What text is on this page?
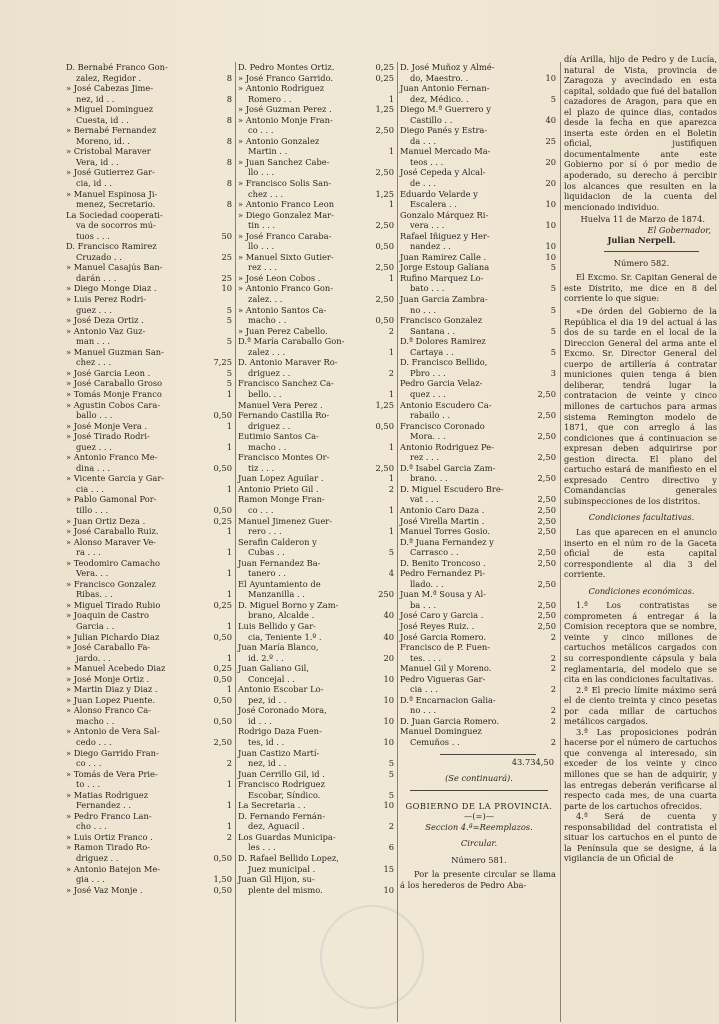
D. Bernabé Franco Gon-
zalez, Regidor .	8
» José Cabezas Jime-
nez, id . .	8
» Miguel Dominguez
Cuesta, id . .	8
» Bernabé Fernandez
Moreno, id. .	8
» Cristobal Maraver
Vera, id . .	8
» José Gutierrez Gar-
cia, id . .	8
» Manuel Espinosa Ji-
menez, Secretario.	8
La Sociedad cooperati-
va de socorros mú-
tuos . . .	50
D. Francisco Ramirez
Cruzado . .	25
» Manuel Casajús Ban-
darán . . .	25
» Diego Monge Diaz .	10
» Luis Perez Rodri-
guez . . .	5
» José Deza Ortiz .	5
» Antonio Vaz Guz-
man . . .	5
» Manuel Guzman San-
chez . . .	7,25
» José Garcia Leon .	5
» José Caraballo Groso	5
» Tomás Monje Franco	1
» Agustin Cobos Cara-
ballo . . .	0,50
» José Monje Vera .	1
» José Tirado Rodri-
guez . . .	1
» Antonio Franco Me-
dina . . .	0,50
» Vicente Garcia y Gar-
cia . . .	1
» Pablo Gamonal Por-
tillo . . .	0,50
» Juan Ortiz Deza .	0,25
» José Caraballo Ruiz.	1
» Alonso Maraver Ve-
ra . . .	1
» Teodomiro Camacho
Vera. . .	1
» Francisco Gonzalez
Ribas. . .	1
» Miguel Tirado Rubio	0,25
» Joaquin de Castro
Garcia . .	1
» Julian Pichardo Diaz	0,50
» José Caraballo Fa-
jardo. . .	1
» Manuel Acebedo Diaz	0,25
» José Monje Ortiz .	0,50
» Martin Diaz y Diaz .	1
» Juan Lopez Puente.	0,50
» Alonso Franco Ca-
macho . .	0,50
» Antonio de Vera Sal-
cedo . . .	2,50
» Diego Garrido Fran-
co . . .	2
» Tomás de Vera Prie-
to . . .	1
» Matias Rodriguez
Fernandez . .	1
» Pedro Franco Lan-
cho . . .	1
» Luis Ortiz Franco .	2
» Ramon Tirado Ro-
driguez . .	0,50
» Antonio Batejon Me-
gia . . .	1,50
» José Vaz Monje .	0,50
D. Pedro Montes Ortiz.	0,25
» José Franco Garrido.	0,25
» Antonio Rodriguez
Romero . .	1
» José Guzman Perez .	1,25
» Antonio Monje Fran-
co . . .	2,50
» Antonio Gonzalez
Martin . .	1
» Juan Sanchez Cabe-
llo . . .	2,50
» Francisco Solis San-
chez . . .	1,25
» Antonio Franco Leon	1
» Diego Gonzalez Mar-
tin . . .	2,50
» José Franco Caraba-
llo . . .	0,50
» Manuel Sixto Gutier-
rez . . .	2,50
» José Leon Cobos .	1
» Antonio Franco Gon-
zalez. . .	2,50
» Antonio Santos Ca-
macho . .	0,50
» Juan Perez Cabello.	2
D.ª María Caraballo Gon-
zalez . . .	1
D. Antonio Maraver Ro-
driguez . .	2
Francisco Sanchez Ca-
bello. . .	1
Manuel Vera Perez .	1,25
Fernando Castilla Ro-
driguez . .	0,50
Eutimio Santos Ca-
macho . .	1
Francisco Montes Or-
tiz . . .	2,50
Juan Lopez Aguilar .	1
Antonio Prieto Gil .	2
Ramon Monge Fran-
co . . .	1
Manuel Jimenez Guer-
rero . . .	1
Serafin Calderon y
Cubas . .	5
Juan Fernandez Ba-
tanero . .	4
El Ayuntamiento de
Manzanilla . .	250
D. Miguel Borno y Zam-
brano, Alcalde .	40
Luis Bellido y Gar-
cia, Teniente 1.º .	40
Juan María Blanco,
id. 2.º . .	20
Juan Galiano Gil,
Concejal . .	10
Antonio Escobar Lo-
pez, id . .	10
José Coronado Mora,
id . . .	10
Rodrigo Daza Fuen-
tes, id . .	10
Juan Castizo Martí-
nez, id . .	5
Juan Cerrillo Gil, id .	5
Francisco Rodriguez
Escobar, Síndico.	5
La Secretaria . .	10
D. Fernando Fernán-
dez, Aguacil .	2
Los Guardas Municipa-
les . . .	6
D. Rafael Bellido Lopez,
Juez municipal .	15
Juan Gil Hijon, su-
plente del mismo.	10
D. José Muñoz y Almé-
do, Maestro. .	10
Juan Antonio Fernan-
dez, Médico. .	5
Diego M.ª Guerrero y
Castillo . .	40
Diego Panés y Estra-
da . . .	25
Manuel Mercado Ma-
teos . . .	20
José Cepeda y Alcal-
de . . .	20
Eduardo Velarde y
Escalera . .	10
Gonzalo Márquez Ri-
vera . . .	10
Rafael Iñiguez y Her-
nandez . .	10
Juan Ramirez Calle .	10
Jorge Estoup Galiana	5
Rufino Marquez Lo-
bato . . .	5
Juan Garcia Zambra-
no . . .	5
Francisco Gonzalez
Santana . .	5
D.ª Dolores Ramirez
Cartaya . .	5
D. Francisco Bellido,
Pbro . . .	3
Pedro Garcia Velaz-
quez . . .	2,50
Antonio Escudero Ca-
rabailo . .	2,50
Francisco Coronado
Mora. . .	2,50
Antonio Rodriguez Pe-
rez . . .	2,50
D.ª Isabel Garcia Zam-
brano. . .	2,50
D. Miguel Escudero Bre-
vat . . .	2,50
Antonio Caro Daza .	2,50
José Virella Martin .	2,50
Manuel Torres Gosio.	2,50
D.ª Juana Fernandez y
Carrasco . .	2,50
D. Benito Troncoso .	2,50
Pedro Fernandez Pi-
llado. . .	2,50
Juan M.ª Sousa y Al-
ba . . .	2,50
José Caro y Garcia .	2,50
José Reyes Ruiz. .	2,50
José Garcia Romero.	2
Francisco de P. Fuen-
tes. . . .	2
Manuel Gil y Moreno.	2
Pedro Vigueras Gar-
cia . . .	2
D.ª Encarnacion Galia-
no . . .	2
D. Juan Garcia Romero.	2
Manuel Dominguez
Cemuños . .	2
43.734,50
(Se continuará).
GOBIERNO DE LA PROVINCIA.
—(=)—
Seccion 4.ª=Reemplazos.
Circular.
Número 581.
Por la presente circular se llama á los herederos de Pedro Aba-
día Arilla, hijo de Pedro y de Lucía, natural de Vista, provincia de Zaragoza y avecindado en esta capital, soldado que fué del batallon cazadores de Aragon, para que en el plazo de quince dias, contados desde la fecha en que aparezca inserta este órden en el Boletin oficial, justifiquen documentalmente ante este Gobierno por sí ó por medio de apoderado, su derecho á percibir los alcances que resulten en la liquidacion de la cuenta del mencionado individuo.
Huelva 11 de Marzo de 1874.
El Gobernador,
Julian Nerpell.
Número 582.
El Excmo. Sr. Capitan General de este Distrito, me dice en 8 del corriente lo que sigue:
«De órden del Gobierno de la República el dia 19 del actual á las dos de su tarde en el local de la Direccion General del arma ante el Excmo. Sr. Director General del cuerpo de artillería á contratar municiones quien tenga á bien deliberar, tendrá lugar la contratacion de veinte y cinco millones de cartuchos para armas sistema Remington modelo de 1871, que con arreglo á las condiciones que á continuacion se expresan deben adquirirse por gestion directa. El plano del cartucho estará de manifiesto en el expresado Centro directivo y Comandancias generales subinspecciones de los distritos.
Condiciones facultativas.
Las que aparecen en el anuncio inserto en el núm ro de la Gaceta oficial de esta capital correspondiente al dia 3 del corriente.
Condiciones económicas.
1.ª Los contratistas se comprometen á entregar á la Comision receptora que se nombre, veinte y cinco millones de cartuchos metálicos cargados con su correspondiente cápsula y bala reglamentaria, del modelo que se cita en las condiciones facultativas.
2.ª El precio límite máximo será el de ciento treinta y cinco pesetas por cada millar de cartuchos metálicos cargados.
3.ª Las proposiciones podrán hacerse por el número de cartuchos que convenga al interesado, sin exceder de los veinte y cinco millones que se han de adquirir, y las entregas deberán verificarse al respecto cada mes, de una cuarta parte de los cartuchos ofrecidos.
4.ª Será de cuenta y responsabilidad del contratista el situar los cartuchos en el punto de la Península que se designe, á la vigilancia de un Oficial de
